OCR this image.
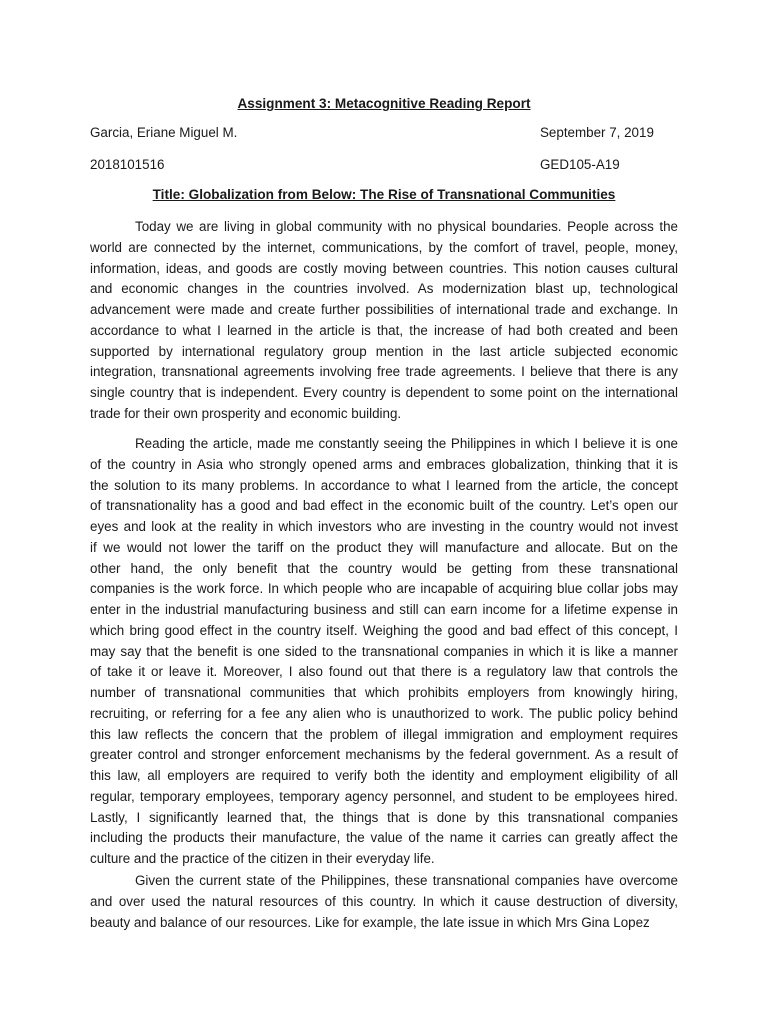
Assignment 3: Metacognitive Reading Report
Garcia, Eriane Miguel M.	September 7, 2019
2018101516	GED105-A19
Title: Globalization from Below: The Rise of Transnational Communities
Today we are living in global community with no physical boundaries. People across the
world are connected by the internet, communications, by the comfort of travel, people, money,
information, ideas, and goods are costly moving between countries. This notion causes cultural
and economic changes in the countries involved. As modernization blast up, technological
advancement were made and create further possibilities of international trade and exchange. In
accordance to what I learned in the article is that, the increase of had both created and been
supported by international regulatory group mention in the last article subjected economic
integration, transnational agreements involving free trade agreements. I believe that there is any
single country that is independent. Every country is dependent to some point on the international
trade for their own prosperity and economic building.
Reading the article, made me constantly seeing the Philippines in which I believe it is one
of the country in Asia who strongly opened arms and embraces globalization, thinking that it is
the solution to its many problems. In accordance to what I learned from the article, the concept
of transnationality has a good and bad effect in the economic built of the country. Let’s open our
eyes and look at the reality in which investors who are investing in the country would not invest
if we would not lower the tariff on the product they will manufacture and allocate. But on the
other hand, the only benefit that the country would be getting from these transnational
companies is the work force. In which people who are incapable of acquiring blue collar jobs may
enter in the industrial manufacturing business and still can earn income for a lifetime expense in
which bring good effect in the country itself. Weighing the good and bad effect of this concept, I
may say that the benefit is one sided to the transnational companies in which it is like a manner
of take it or leave it. Moreover, I also found out that there is a regulatory law that controls the
number of transnational communities that which prohibits employers from knowingly hiring,
recruiting, or referring for a fee any alien who is unauthorized to work. The public policy behind
this law reflects the concern that the problem of illegal immigration and employment requires
greater control and stronger enforcement mechanisms by the federal government. As a result of
this law, all employers are required to verify both the identity and employment eligibility of all
regular, temporary employees, temporary agency personnel, and student to be employees hired.
Lastly, I significantly learned that, the things that is done by this transnational companies
including the products their manufacture, the value of the name it carries can greatly affect the
culture and the practice of the citizen in their everyday life.
Given the current state of the Philippines, these transnational companies have overcome
and over used the natural resources of this country. In which it cause destruction of diversity,
beauty and balance of our resources. Like for example, the late issue in which Mrs Gina Lopez
